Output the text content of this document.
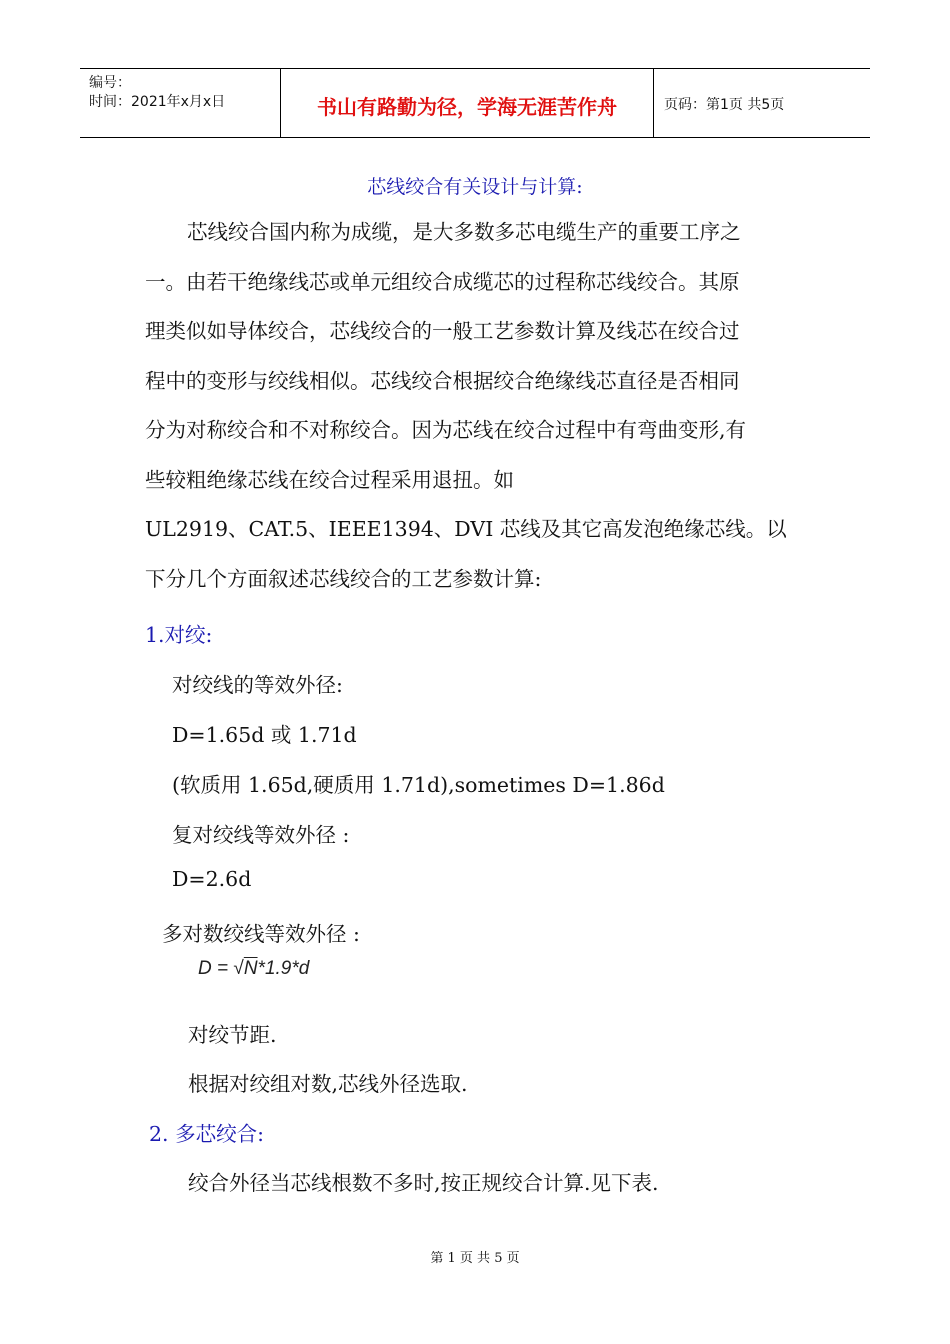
编号：
时间：2021年x月x日	书山有路勤为径，学海无涯苦作舟	页码：第1页 共5页
芯线绞合有关设计与计算:
芯线绞合国内称为成缆，是大多数多芯电缆生产的重要工序之
一。由若干绝缘线芯或单元组绞合成缆芯的过程称芯线绞合。其原
理类似如导体绞合，芯线绞合的一般工艺参数计算及线芯在绞合过
程中的变形与绞线相似。芯线绞合根据绞合绝缘线芯直径是否相同
分为对称绞合和不对称绞合。因为芯线在绞合过程中有弯曲变形,有
些较粗绝缘芯线在绞合过程采用退扭。如
UL2919、CAT.5、IEEE1394、DVI 芯线及其它高发泡绝缘芯线。以
下分几个方面叙述芯线绞合的工艺参数计算:
1.对绞:
对绞线的等效外径:
D=1.65d 或 1.71d
(软质用 1.65d,硬质用 1.71d),sometimes D=1.86d
复对绞线等效外径 :
D=2.6d
多对数绞线等效外径 :
D = √N*1.9*d
对绞节距.
根据对绞组对数,芯线外径选取.
2. 多芯绞合:
绞合外径当芯线根数不多时,按正规绞合计算.见下表.
第 1 页 共 5 页
